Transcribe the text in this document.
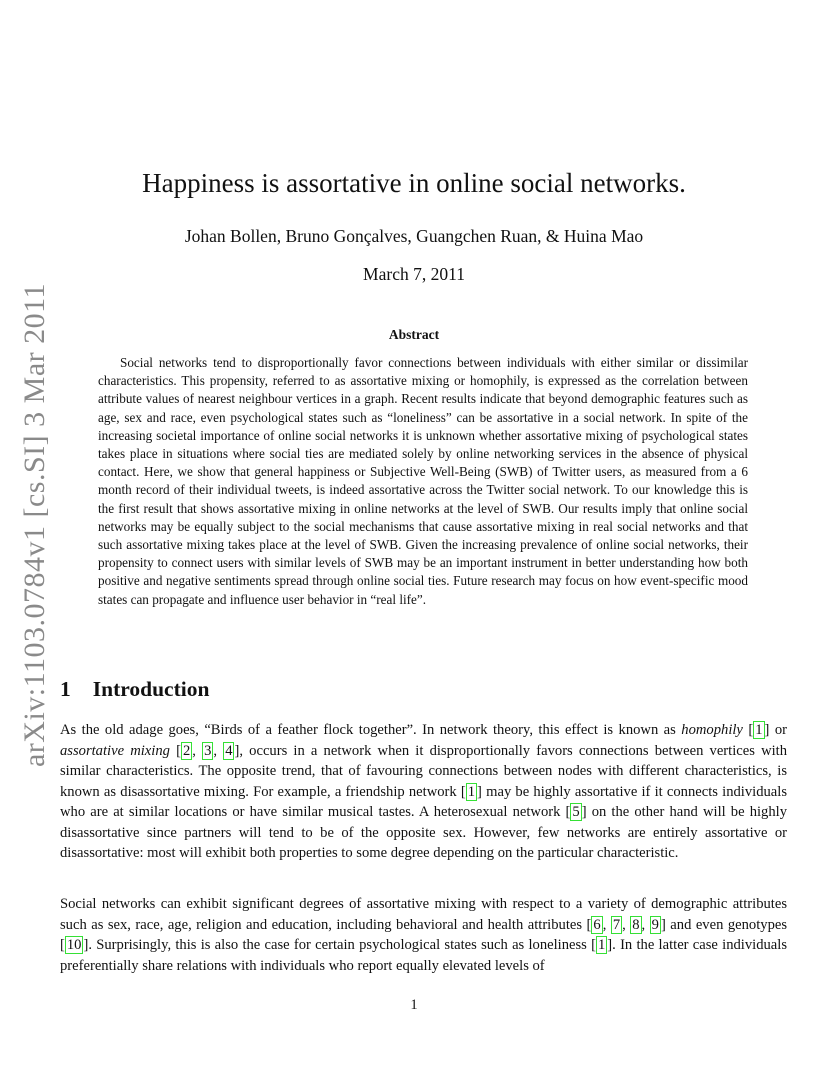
arXiv:1103.0784v1 [cs.SI] 3 Mar 2011
Happiness is assortative in online social networks.
Johan Bollen, Bruno Gonçalves, Guangchen Ruan, & Huina Mao
March 7, 2011
Abstract
Social networks tend to disproportionally favor connections between individuals with either similar or dissimilar characteristics. This propensity, referred to as assortative mixing or homophily, is expressed as the correlation between attribute values of nearest neighbour vertices in a graph. Recent results indicate that beyond demographic features such as age, sex and race, even psychological states such as “loneliness” can be assortative in a social network. In spite of the increasing societal importance of online social networks it is unknown whether assortative mixing of psychological states takes place in situations where social ties are mediated solely by online networking services in the absence of physical contact. Here, we show that general happiness or Subjective Well-Being (SWB) of Twitter users, as measured from a 6 month record of their individual tweets, is indeed assortative across the Twitter social network. To our knowledge this is the first result that shows assortative mixing in online networks at the level of SWB. Our results imply that online social networks may be equally subject to the social mechanisms that cause assortative mixing in real social networks and that such assortative mixing takes place at the level of SWB. Given the increasing prevalence of online social networks, their propensity to connect users with similar levels of SWB may be an important instrument in better understanding how both positive and negative sentiments spread through online social ties. Future research may focus on how event-specific mood states can propagate and influence user behavior in “real life”.
1 Introduction

As the old adage goes, “Birds of a feather flock together”. In network theory, this effect is known as homophily [ 1 ] or assortative mixing [ 2 , 3 , 4 ], occurs in a network when it disproportionally favors connections between vertices with similar characteristics. The opposite trend, that of favouring connections between nodes with different characteristics, is known as disassortative mixing. For example, a friendship network [ 1 ] may be highly assortative if it connects individuals who are at similar locations or have similar musical tastes. A heterosexual network [ 5 ] on the other hand will be highly disassortative since partners will tend to be of the opposite sex. However, few networks are entirely assortative or disassortative: most will exhibit both properties to some degree depending on the particular characteristic.

Social networks can exhibit significant degrees of assortative mixing with respect to a variety of demographic attributes such as sex, race, age, religion and education, including behavioral and health attributes [ 6 , 7 , 8 , 9 ] and even genotypes [ 10 ]. Surprisingly, this is also the case for certain psychological states such as loneliness [ 1 ]. In the latter case individuals preferentially share relations with individuals who report equally elevated levels of

1
